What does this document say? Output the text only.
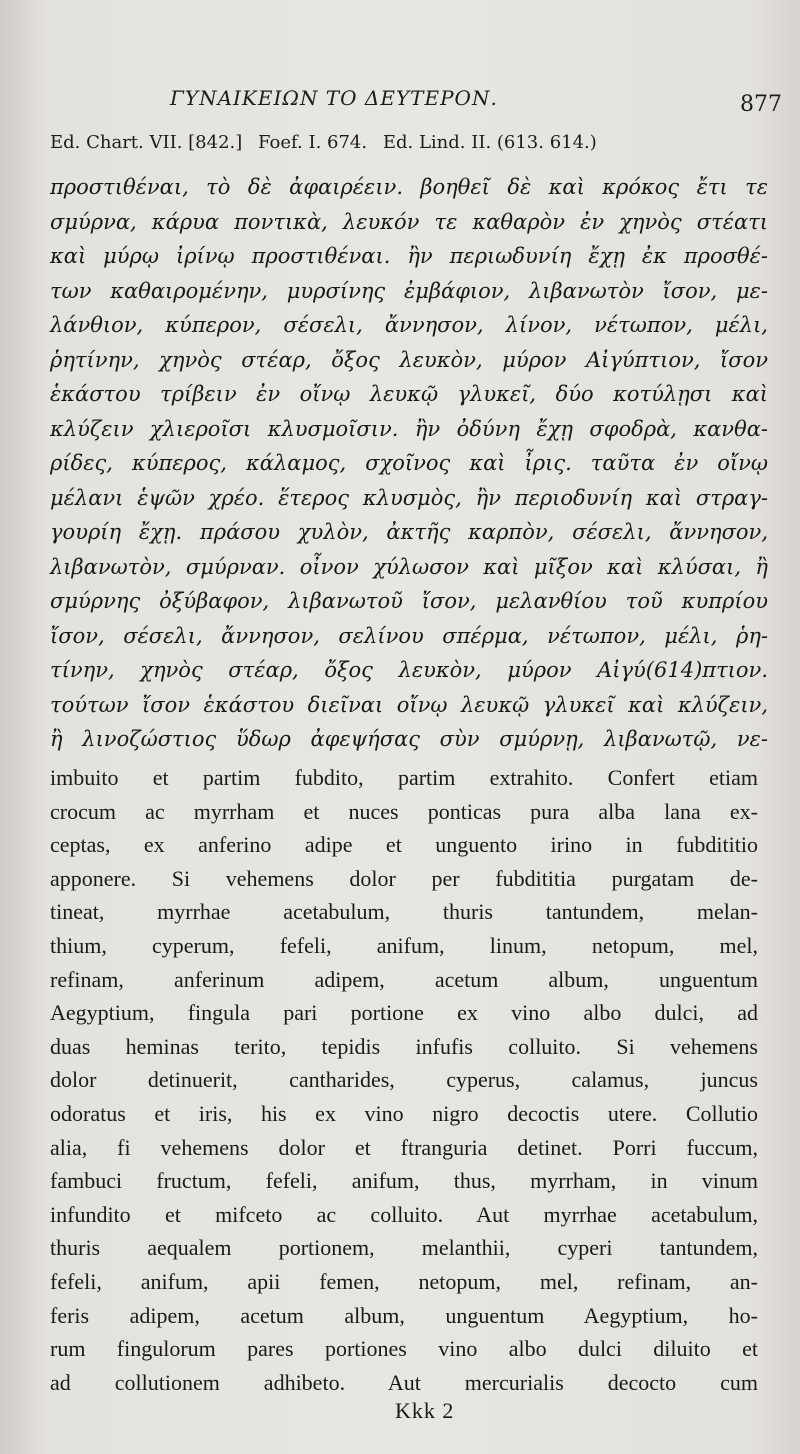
ΓΥΝΑΙΚΕΙΩΝ ΤΟ ΔΕΥΤΕΡΟΝ.	877
Ed. Chart. VII. [842.] Foef. I. 674. Ed. Lind. II. (613. 614.)
προστιθέναι, τὸ δὲ ἀφαιρέειν. βοηθεῖ δὲ καὶ κρόκος ἔτι τε
σμύρνα, κάρυα ποντικὰ, λευκόν τε καθαρὸν ἐν χηνὸς στέατι
καὶ μύρῳ ἰρίνῳ προστιθέναι. ἢν περιωδυνίη ἔχῃ ἐκ προσθέ-
των καθαιρομένην, μυρσίνης ἐμβάφιον, λιβανωτὸν ἴσον, με-
λάνθιον, κύπερον, σέσελι, ἄννησον, λίνον, νέτωπον, μέλι,
ῥητίνην, χηνὸς στέαρ, ὄξος λευκὸν, μύρον Αἰγύπτιον, ἴσον
ἑκάστου τρίβειν ἐν οἴνῳ λευκῷ γλυκεῖ, δύο κοτύλῃσι καὶ
κλύζειν χλιεροῖσι κλυσμοῖσιν. ἢν ὀδύνη ἔχῃ σφοδρὰ, κανθα-
ρίδες, κύπερος, κάλαμος, σχοῖνος καὶ ἶρις. ταῦτα ἐν οἴνῳ
μέλανι ἑψῶν χρέο. ἕτερος κλυσμὸς, ἢν περιοδυνίη καὶ στραγ-
γουρίη ἔχῃ. πράσου χυλὸν, ἀκτῆς καρπὸν, σέσελι, ἄννησον,
λιβανωτὸν, σμύρναν. οἶνον χύλωσον καὶ μῖξον καὶ κλύσαι, ἢ
σμύρνης ὀξύβαφον, λιβανωτοῦ ἴσον, μελανθίου τοῦ κυπρίου
ἴσον, σέσελι, ἄννησον, σελίνου σπέρμα, νέτωπον, μέλι, ῥη-
τίνην, χηνὸς στέαρ, ὄξος λευκὸν, μύρον Αἰγύ(614)πτιον.
τούτων ἴσον ἑκάστου διεῖναι οἴνῳ λευκῷ γλυκεῖ καὶ κλύζειν,
ἢ λινοζώστιος ὕδωρ ἀφεψήσας σὺν σμύρνῃ, λιβανωτῷ, νε-
imbuito et partim fubdito, partim extrahito. Confert etiam
crocum ac myrrham et nuces ponticas pura alba lana ex-
ceptas, ex anferino adipe et unguento irino in fubdititio
apponere. Si vehemens dolor per fubdititia purgatam de-
tineat, myrrhae acetabulum, thuris tantundem, melan-
thium, cyperum, fefeli, anifum, linum, netopum, mel,
refinam, anferinum adipem, acetum album, unguentum
Aegyptium, fingula pari portione ex vino albo dulci, ad
duas heminas terito, tepidis infufis colluito. Si vehemens
dolor detinuerit, cantharides, cyperus, calamus, juncus
odoratus et iris, his ex vino nigro decoctis utere. Collutio
alia, fi vehemens dolor et ftranguria detinet. Porri fuccum,
fambuci fructum, fefeli, anifum, thus, myrrham, in vinum
infundito et mifceto ac colluito. Aut myrrhae acetabulum,
thuris aequalem portionem, melanthii, cyperi tantundem,
fefeli, anifum, apii femen, netopum, mel, refinam, an-
feris adipem, acetum album, unguentum Aegyptium, ho-
rum fingulorum pares portiones vino albo dulci diluito et
ad collutionem adhibeto. Aut mercurialis decocto cum
Kkk 2
